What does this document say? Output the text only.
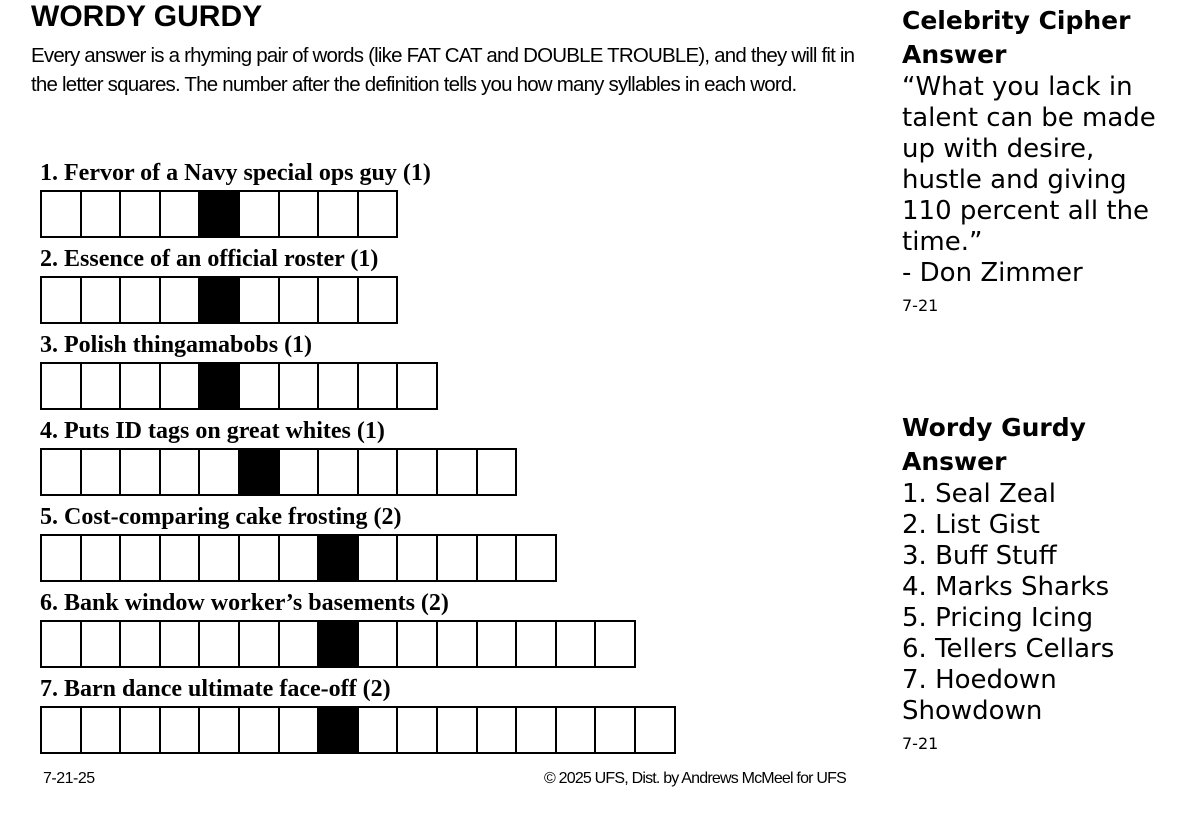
WORDY GURDY

Every answer is a rhyming pair of words (like FAT CAT and DOUBLE TROUBLE), and they will fit in the letter squares. The number after the definition tells you how many syllables in each word.

1. Fervor of a Navy special ops guy (1)
2. Essence of an official roster (1)
3. Polish thingamabobs (1)
4. Puts ID tags on great whites (1)
5. Cost-comparing cake frosting (2)
6. Bank window worker’s basements (2)
7. Barn dance ultimate face-off (2)
7-21-25	© 2025 UFS, Dist. by Andrews McMeel for UFS
Celebrity Cipher Answer

“What you lack in talent can be made up with desire, hustle and giving 110 percent all the time.”

- Don Zimmer

7-21
Wordy Gurdy Answer
1. Seal Zeal
2. List Gist
3. Buff Stuff
4. Marks Sharks
5. Pricing Icing
6. Tellers Cellars
7. Hoedown Showdown
7-21
